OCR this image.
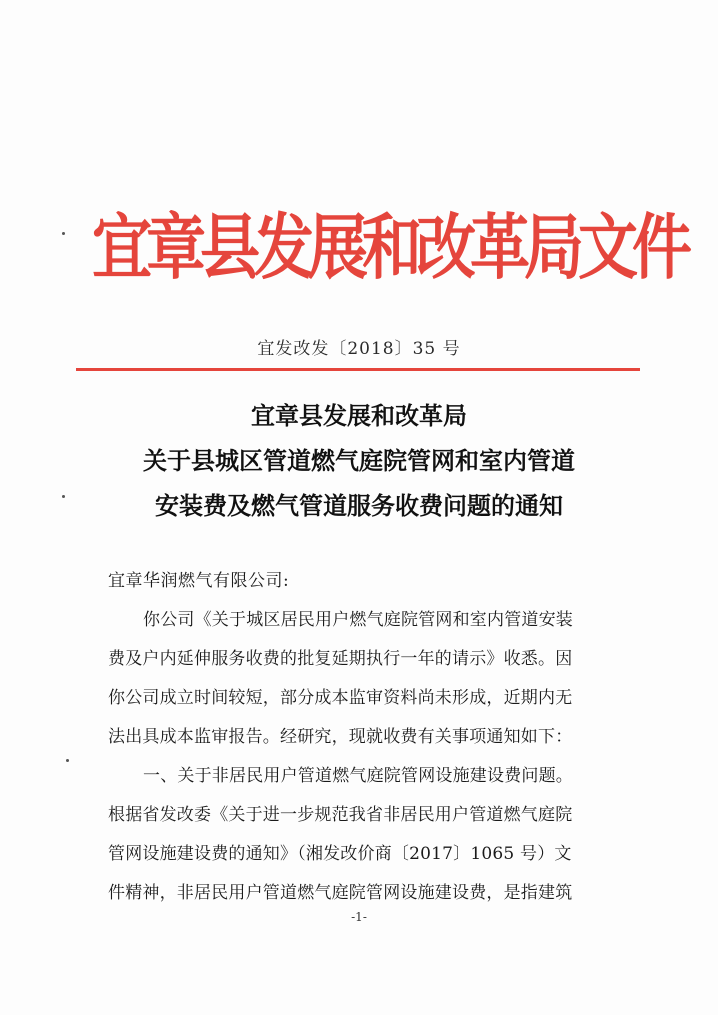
宜章县发展和改革局文件
宜发改发〔2018〕35 号
宜章县发展和改革局
关于县城区管道燃气庭院管网和室内管道
安装费及燃气管道服务收费问题的通知
宜章华润燃气有限公司:
你公司《关于城区居民用户燃气庭院管网和室内管道安装
费及户内延伸服务收费的批复延期执行一年的请示》收悉。因
你公司成立时间较短，部分成本监审资料尚未形成，近期内无
法出具成本监审报告。经研究，现就收费有关事项通知如下：
一、关于非居民用户管道燃气庭院管网设施建设费问题。
根据省发改委《关于进一步规范我省非居民用户管道燃气庭院
管网设施建设费的通知》（湘发改价商〔2017〕1065 号）文
件精神，非居民用户管道燃气庭院管网设施建设费，是指建筑
-1-
